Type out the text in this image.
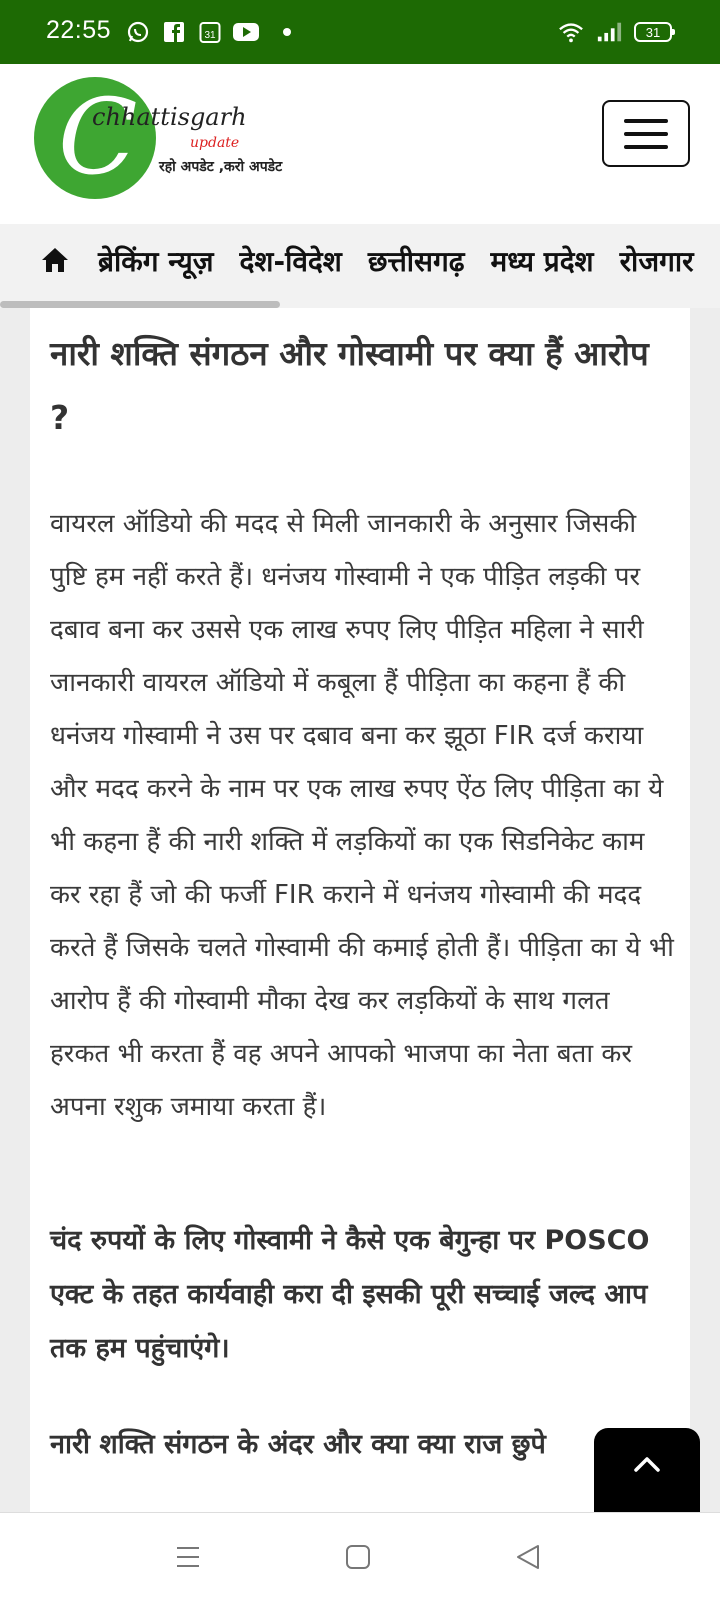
22:55	31	31
C
chhattisgarh
update
रहो अपडेट ,करो अपडेट
ब्रेकिंग न्यूज़ देश-विदेश छत्तीसगढ़ मध्य प्रदेश रोजगार
नारी शक्ति संगठन और गोस्वामी पर क्या हैं आरोप ?

वायरल ऑडियो की मदद से मिली जानकारी के अनुसार जिसकी पुष्टि हम नहीं करते हैं। धनंजय गोस्वामी ने एक पीड़ित लड़की पर दबाव बना कर उससे एक लाख रुपए लिए पीड़ित महिला ने सारी जानकारी वायरल ऑडियो में कबूला हैं पीड़िता का कहना हैं की धनंजय गोस्वामी ने उस पर दबाव बना कर झूठा FIR दर्ज कराया और मदद करने के नाम पर एक लाख रुपए ऐंठ लिए पीड़िता का ये भी कहना हैं की नारी शक्ति में लड़कियों का एक सिडनिकेट काम कर रहा हैं जो की फर्जी FIR कराने में धनंजय गोस्वामी की मदद करते हैं जिसके चलते गोस्वामी की कमाई होती हैं। पीड़िता का ये भी आरोप हैं की गोस्वामी मौका देख कर लड़कियों के साथ गलत हरकत भी करता हैं वह अपने आपको भाजपा का नेता बता कर अपना रशुक जमाया करता हैं।

चंद रुपयों के लिए गोस्वामी ने कैसे एक बेगुन्हा पर POSCO एक्ट के तहत कार्यवाही करा दी इसकी पूरी सच्चाई जल्द आप तक हम पहुंचाएंगे।

नारी शक्ति संगठन के अंदर और क्या क्या राज छुपे
